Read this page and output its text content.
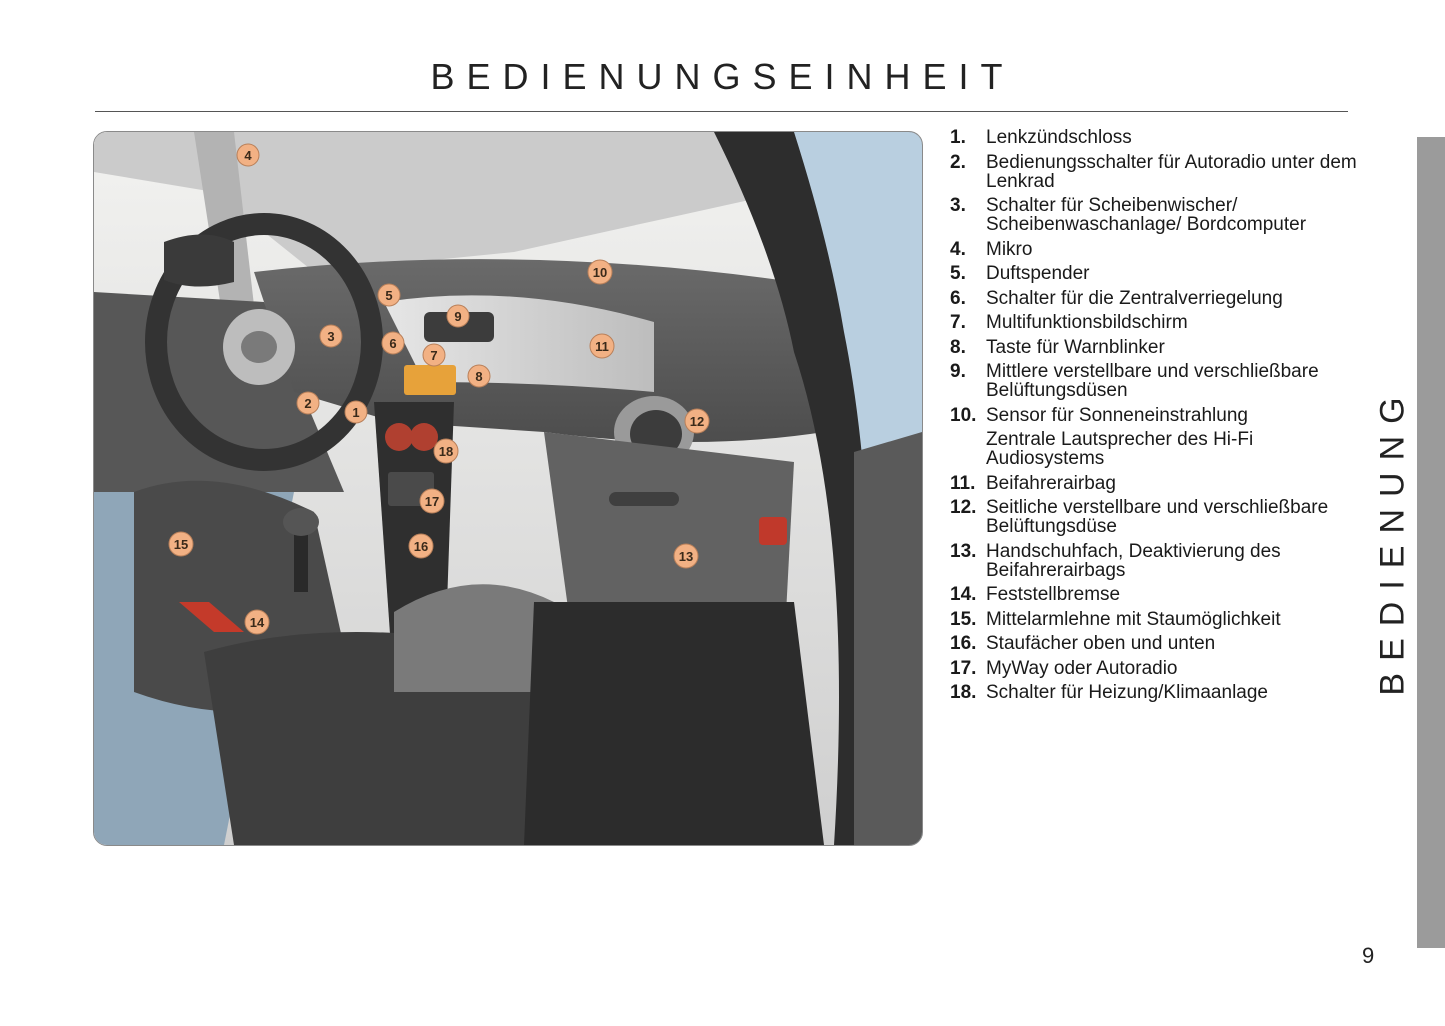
BEDIENUNGSEINHEIT
1
2
3
4
5
6
7
8
9
10
11
12
13
14
15	16
17
18
1.	Lenkzündschloss
2.	Bedienungsschalter für Autoradio unter dem Lenkrad
3.	Schalter für Scheibenwischer/ Scheibenwaschanlage/ Bordcomputer
4.	Mikro
5.	Duftspender
6.	Schalter für die Zentralverriegelung
7.	Multifunktionsbildschirm
8.	Taste für Warnblinker
9.	Mittlere verstellbare und verschließbare Belüftungsdüsen
10. Sensor für Sonneneinstrahlung
Zentrale Lautsprecher des Hi-Fi Audiosystems
11. Beifahrerairbag
12. Seitliche verstellbare und verschließbare Belüftungsdüse
13. Handschuhfach, Deaktivierung des Beifahrerairbags
14. Feststellbremse
15. Mittelarmlehne mit Staumöglichkeit
16. Staufächer oben und unten
17. MyWay oder Autoradio
18. Schalter für Heizung/Klimaanlage	BEDIENUNG
9
